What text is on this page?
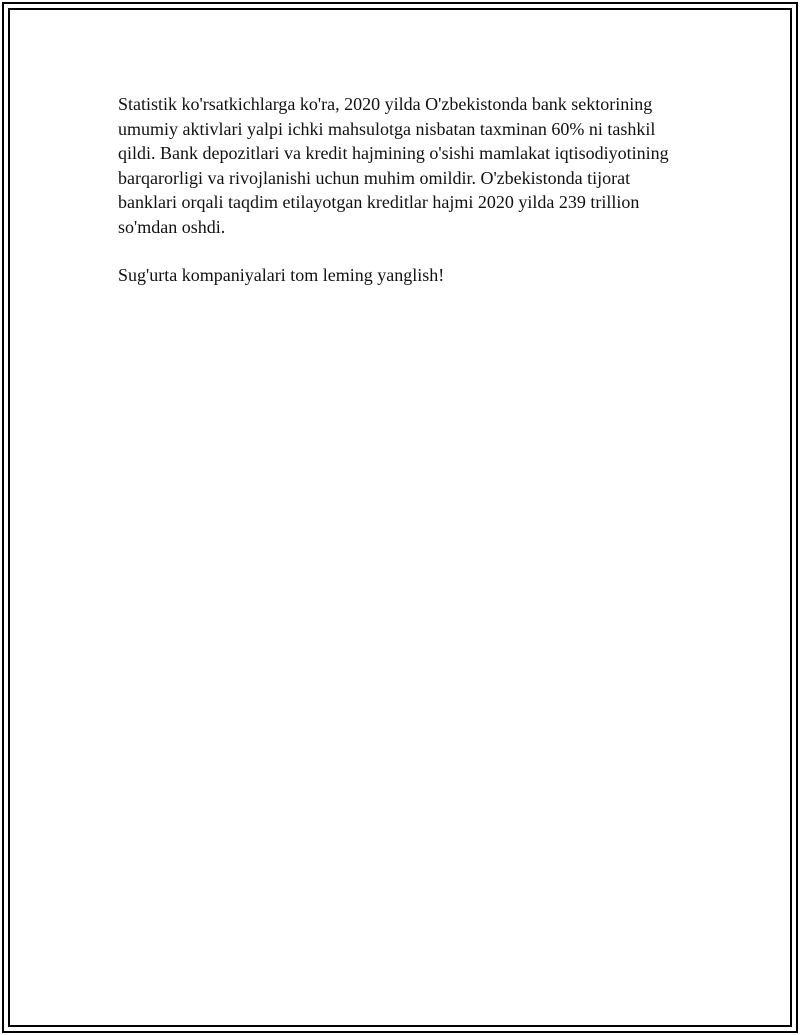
Statistik ko'rsatkichlarga ko'ra, 2020 yilda O'zbekistonda bank sektorining umumiy aktivlari yalpi ichki mahsulotga nisbatan taxminan 60% ni tashkil qildi. Bank depozitlari va kredit hajmining o'sishi mamlakat iqtisodiyotining barqarorligi va rivojlanishi uchun muhim omildir. O'zbekistonda tijorat banklari orqali taqdim etilayotgan kreditlar hajmi 2020 yilda 239 trillion so'mdan oshdi.

Sug'urta kompaniyalari tom leming yanglish!
